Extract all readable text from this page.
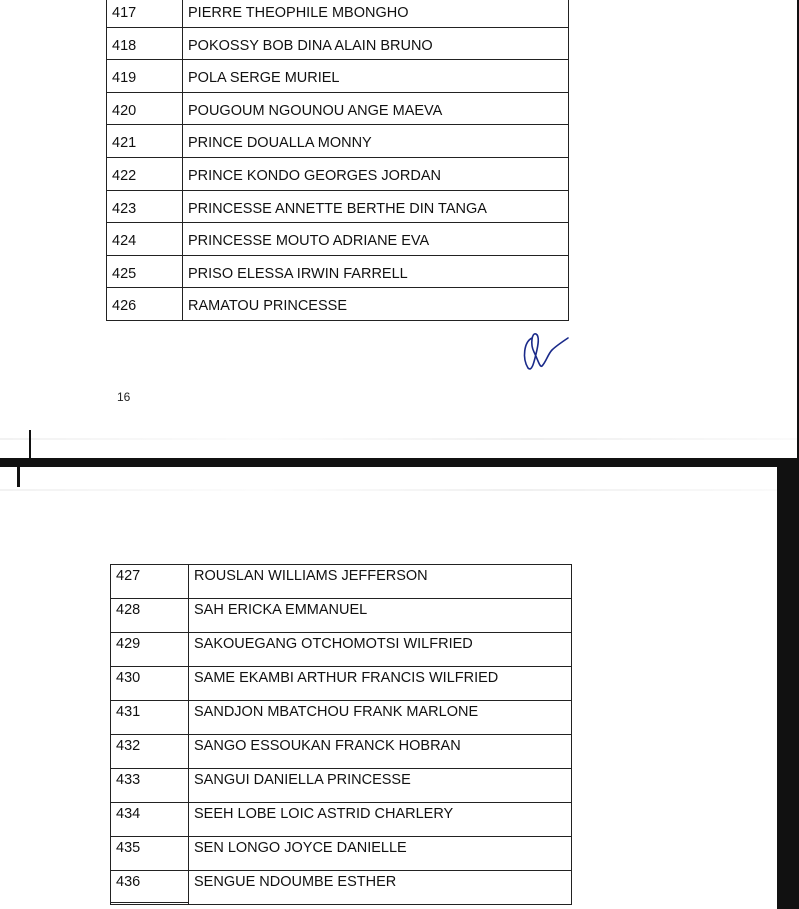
417	PIERRE THEOPHILE MBONGHO
418	POKOSSY BOB DINA ALAIN BRUNO
419	POLA SERGE MURIEL
420	POUGOUM NGOUNOU ANGE MAEVA
421	PRINCE DOUALLA MONNY
422	PRINCE KONDO GEORGES JORDAN
423	PRINCESSE ANNETTE BERTHE DIN TANGA
424	PRINCESSE MOUTO ADRIANE EVA
425	PRISO ELESSA IRWIN FARRELL
426	RAMATOU PRINCESSE
16
427	ROUSLAN WILLIAMS JEFFERSON
428	SAH ERICKA EMMANUEL
429	SAKOUEGANG OTCHOMOTSI WILFRIED
430	SAME EKAMBI ARTHUR FRANCIS WILFRIED
431	SANDJON MBATCHOU FRANK MARLONE
432	SANGO ESSOUKAN FRANCK HOBRAN
433	SANGUI DANIELLA PRINCESSE
434	SEEH LOBE LOIC ASTRID CHARLERY
435	SEN LONGO JOYCE DANIELLE
436	SENGUE NDOUMBE ESTHER
